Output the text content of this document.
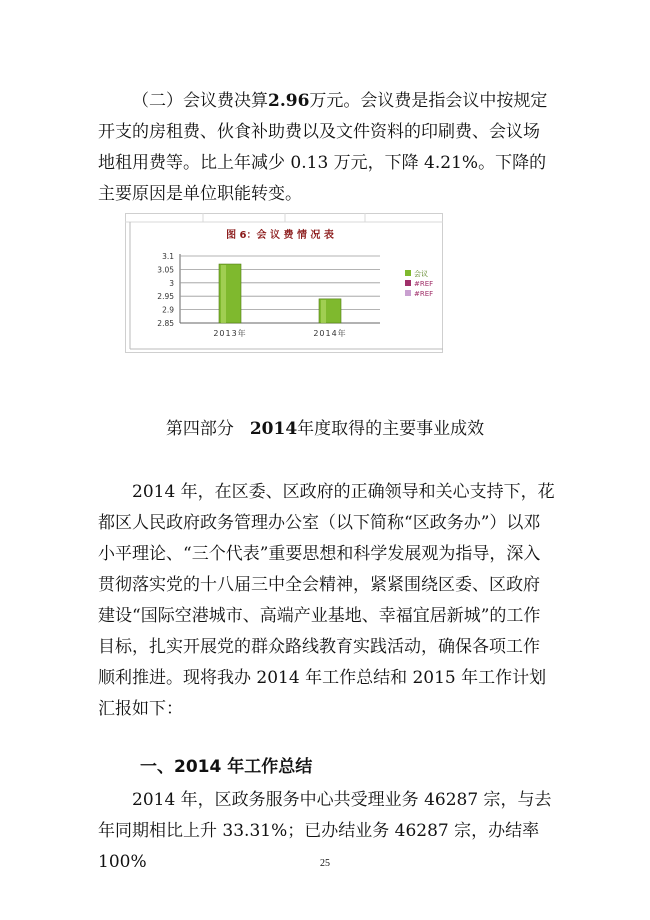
（二）会议费决算2.96万元。会议费是指会议中按规定开支的房租费、伙食补助费以及文件资料的印刷费、会议场地租用费等。比上年减少 0.13 万元，下降 4.21%。下降的主要原因是单位职能转变。

图 6：会 议 费 情 况 表
3.1
3.05
3
2.95
2.9
2.85
2013年	2014年
会议
#REF
#REF
第四部分 2014年度取得的主要事业成效

2014 年，在区委、区政府的正确领导和关心支持下，花都区人民政府政务管理办公室（以下简称“区政务办”）以邓小平理论、“三个代表”重要思想和科学发展观为指导，深入贯彻落实党的十八届三中全会精神，紧紧围绕区委、区政府建设“国际空港城市、高端产业基地、幸福宜居新城”的工作目标，扎实开展党的群众路线教育实践活动，确保各项工作顺利推进。现将我办 2014 年工作总结和 2015 年工作计划汇报如下：

一、2014 年工作总结

2014 年，区政务服务中心共受理业务 46287 宗，与去年同期相比上升 33.31%；已办结业务 46287 宗，办结率 100%	25
